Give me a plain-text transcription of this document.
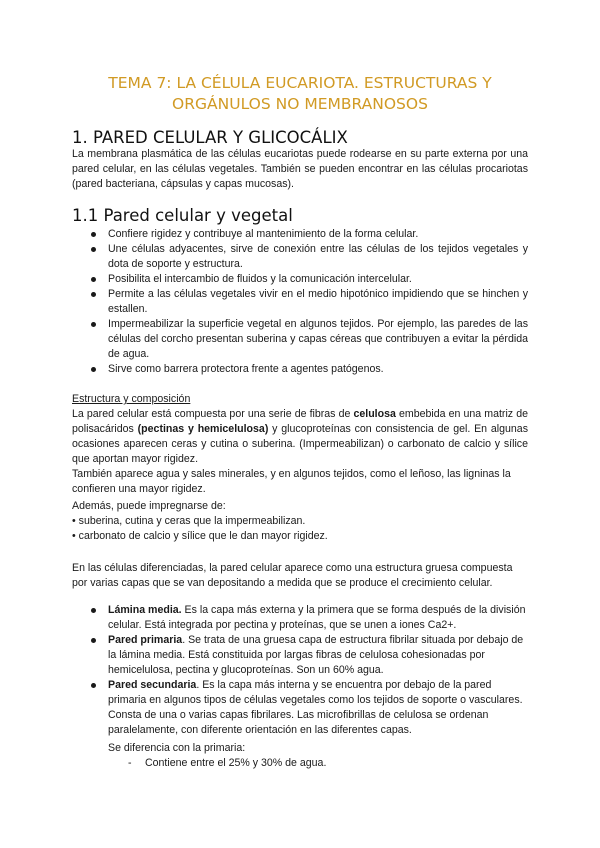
TEMA 7: LA CÉLULA EUCARIOTA. ESTRUCTURAS Y
ORGÁNULOS NO MEMBRANOSOS
1. PARED CELULAR Y GLICOCÁLIX
La membrana plasmática de las células eucariotas puede rodearse en su parte externa por una pared celular, en las células vegetales. También se pueden encontrar en las células procariotas (pared bacteriana, cápsulas y capas mucosas).
1.1 Pared celular y vegetal
Confiere rigidez y contribuye al mantenimiento de la forma celular.
Une células adyacentes, sirve de conexión entre las células de los tejidos vegetales y dota de soporte y estructura.
Posibilita el intercambio de fluidos y la comunicación intercelular.
Permite a las células vegetales vivir en el medio hipotónico impidiendo que se hinchen y estallen.
Impermeabilizar la superficie vegetal en algunos tejidos. Por ejemplo, las paredes de las células del corcho presentan suberina y capas céreas que contribuyen a evitar la pérdida de agua.
Sirve como barrera protectora frente a agentes patógenos.
Estructura y composición
La pared celular está compuesta por una serie de fibras de celulosa embebida en una matriz de polisacáridos (pectinas y hemicelulosa) y glucoproteínas con consistencia de gel. En algunas ocasiones aparecen ceras y cutina o suberina. (Impermeabilizan) o carbonato de calcio y sílice que aportan mayor rigidez.
También aparece agua y sales minerales, y en algunos tejidos, como el leñoso, las ligninas la confieren una mayor rigidez.
Además, puede impregnarse de:
• suberina, cutina y ceras que la impermeabilizan.
• carbonato de calcio y sílice que le dan mayor rigidez.
En las células diferenciadas, la pared celular aparece como una estructura gruesa compuesta por varias capas que se van depositando a medida que se produce el crecimiento celular.
Lámina media. Es la capa más externa y la primera que se forma después de la división celular. Está integrada por pectina y proteínas, que se unen a iones Ca2+.
Pared primaria. Se trata de una gruesa capa de estructura fibrilar situada por debajo de la lámina media. Está constituida por largas fibras de celulosa cohesionadas por hemicelulosa, pectina y glucoproteínas. Son un 60% agua.
Pared secundaria. Es la capa más interna y se encuentra por debajo de la pared primaria en algunos tipos de células vegetales como los tejidos de soporte o vasculares. Consta de una o varias capas fibrilares. Las microfibrillas de celulosa se ordenan paralelamente, con diferente orientación en las diferentes capas.
Se diferencia con la primaria:
- Contiene entre el 25% y 30% de agua.
